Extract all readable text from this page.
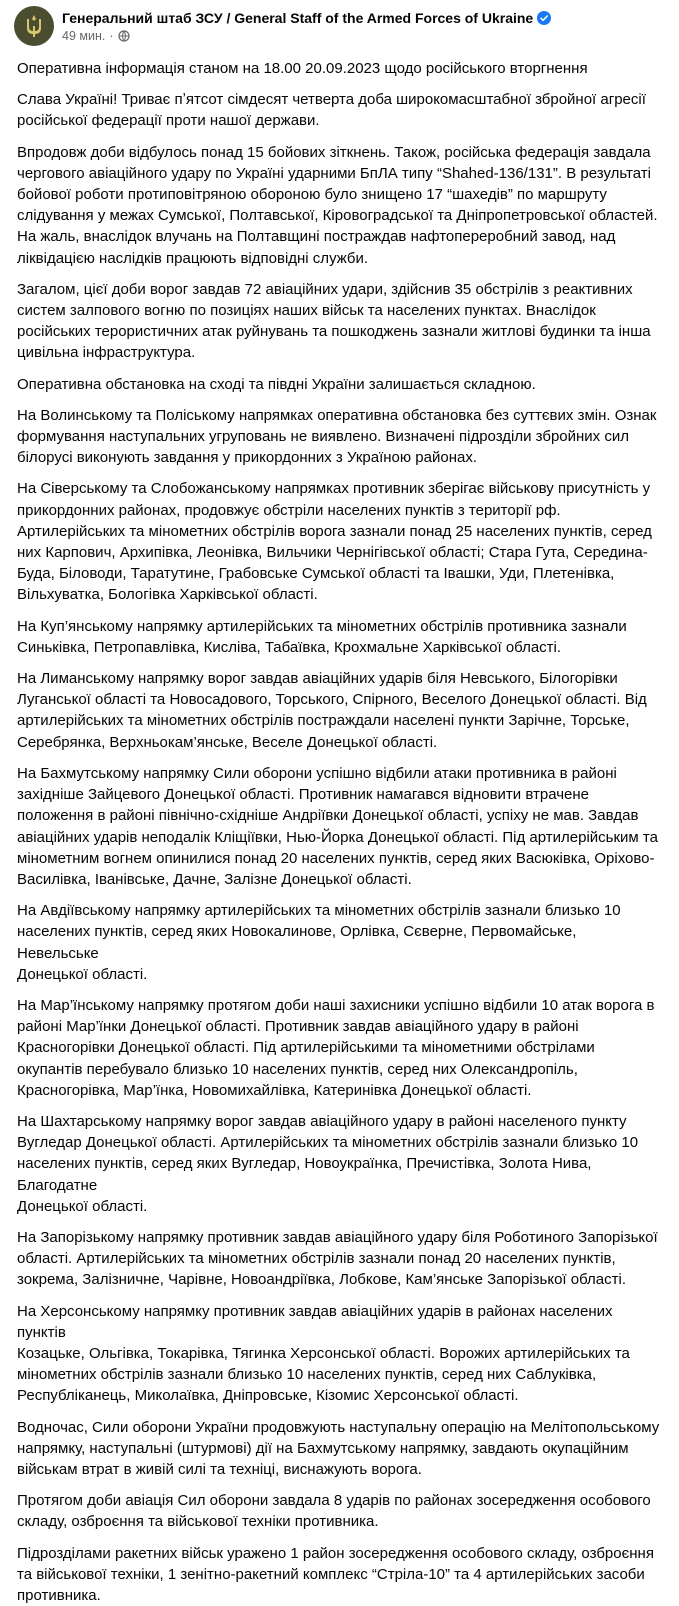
Генеральний штаб ЗСУ / General Staff of the Armed Forces of Ukraine
49 мин. ·

Оперативна інформація станом на 18.00 20.09.2023 щодо російського вторгнення

Слава Україні! Триває пʼятсот сімдесят четверта доба широкомасштабної збройної агресії
російської федерації проти нашої держави.

Впродовж доби відбулось понад 15 бойових зіткнень. Також, російська федерація завдала
чергового авіаційного удару по Україні ударними БпЛА типу “Shahed-136/131”. В результаті
бойової роботи протиповітряною обороною було знищено 17 “шахедів” по маршруту
слідування у межах Сумської, Полтавської, Кіровоградської та Дніпропетровської областей.
На жаль, внаслідок влучань на Полтавщині постраждав нафтопереробний завод, над
ліквідацією наслідків працюють відповідні служби.

Загалом, цієї доби ворог завдав 72 авіаційних удари, здійснив 35 обстрілів з реактивних
систем залпового вогню по позиціях наших військ та населених пунктах. Внаслідок
російських терористичних атак руйнувань та пошкоджень зазнали житлові будинки та інша
цивільна інфраструктура.

Оперативна обстановка на сході та півдні України залишається складною.

На Волинському та Поліському напрямках оперативна обстановка без суттєвих змін. Ознак
формування наступальних угруповань не виявлено. Визначені підрозділи збройних сил
білорусі виконують завдання у прикордонних з Україною районах.

На Сіверському та Слобожанському напрямках противник зберігає військову присутність у
прикордонних районах, продовжує обстріли населених пунктів з території рф.
Артилерійських та мінометних обстрілів ворога зазнали понад 25 населених пунктів, серед
них Карпович, Архипівка, Леонівка, Вильчики Чернігівської області; Стара Гута, Середина-
Буда, Біловоди, Таратутине, Грабовське Сумської області та Івашки, Уди, Плетенівка,
Вільхуватка, Бологівка Харківської області.

На Куп’янському напрямку артилерійських та мінометних обстрілів противника зазнали
Синьківка, Петропавлівка, Кисліва, Табаївка, Крохмальне Харківської області.

На Лиманському напрямку ворог завдав авіаційних ударів біля Невського, Білогорівки
Луганської області та Новосадового, Торського, Спірного, Веселого Донецької області. Від
артилерійських та мінометних обстрілів постраждали населені пункти Зарічне, Торське,
Серебрянка, Верхньокам’янське, Веселе Донецької області.

На Бахмутському напрямку Сили оборони успішно відбили атаки противника в районі
західніше Зайцевого Донецької області. Противник намагався відновити втрачене
положення в районі північно-східніше Андріївки Донецької області, успіху не мав. Завдав
авіаційних ударів неподалік Кліщіївки, Нью-Йорка Донецької області. Під артилерійським та
мінометним вогнем опинилися понад 20 населених пунктів, серед яких Васюківка, Оріхово-
Василівка, Іванівське, Дачне, Залізне Донецької області.

На Авдіївському напрямку артилерійських та мінометних обстрілів зазнали близько 10
населених пунктів, серед яких Новокалинове, Орлівка, Сєверне, Первомайське, Невельське
Донецької області.

На Мар’їнському напрямку протягом доби наші захисники успішно відбили 10 атак ворога в
районі Мар’їнки Донецької області. Противник завдав авіаційного удару в районі
Красногорівки Донецької області. Під артилерійськими та мінометними обстрілами
окупантів перебувало близько 10 населених пунктів, серед них Олександропіль,
Красногорівка, Мар’їнка, Новомихайлівка, Катеринівка Донецької області.

На Шахтарському напрямку ворог завдав авіаційного удару в районі населеного пункту
Вугледар Донецької області. Артилерійських та мінометних обстрілів зазнали близько 10
населених пунктів, серед яких Вугледар, Новоукраїнка, Пречистівка, Золота Нива, Благодатне
Донецької області.

На Запорізькому напрямку противник завдав авіаційного удару біля Роботиного Запорізької
області. Артилерійських та мінометних обстрілів зазнали понад 20 населених пунктів,
зокрема, Залізничне, Чарівне, Новоандріївка, Лобкове, Кам’янське Запорізької області.

На Херсонському напрямку противник завдав авіаційних ударів в районах населених пунктів
Козацьке, Ольгівка, Токарівка, Тягинка Херсонської області. Ворожих артилерійських та
мінометних обстрілів зазнали близько 10 населених пунктів, серед них Саблуківка,
Республіканець, Миколаївка, Дніпровське, Кізомис Херсонської області.

Водночас, Сили оборони України продовжують наступальну операцію на Мелітопольському
напрямку, наступальні (штурмові) дії на Бахмутському напрямку, завдають окупаційним
військам втрат в живій силі та техніці, виснажують ворога.

Протягом доби авіація Сил оборони завдала 8 ударів по районах зосередження особового
складу, озброєння та військової техніки противника.

Підрозділами ракетних військ уражено 1 район зосередження особового складу, озброєння
та військової техніки, 1 зенітно-ракетний комплекс “Стріла-10” та 4 артилерійських засоби
противника.
